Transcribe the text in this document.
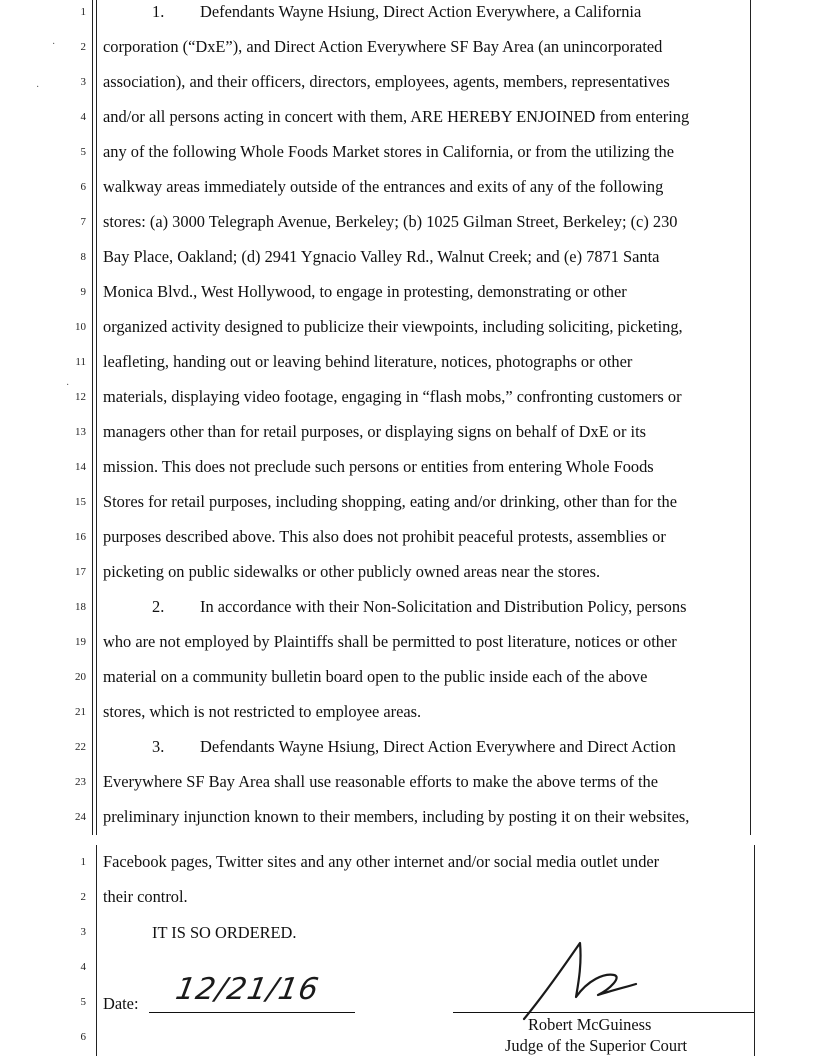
·
·
·
1
2
3
4
5
6
7
8
9
10
11
12
13
14
15
16
17
18
19
20
21
22
23
24
1. Defendants Wayne Hsiung, Direct Action Everywhere, a California
corporation (“DxE”), and Direct Action Everywhere SF Bay Area (an unincorporated
association), and their officers, directors, employees, agents, members, representatives
and/or all persons acting in concert with them, ARE HEREBY ENJOINED from entering
any of the following Whole Foods Market stores in California, or from the utilizing the
walkway areas immediately outside of the entrances and exits of any of the following
stores: (a) 3000 Telegraph Avenue, Berkeley; (b) 1025 Gilman Street, Berkeley; (c) 230
Bay Place, Oakland; (d) 2941 Ygnacio Valley Rd., Walnut Creek; and (e) 7871 Santa
Monica Blvd., West Hollywood, to engage in protesting, demonstrating or other
organized activity designed to publicize their viewpoints, including soliciting, picketing,
leafleting, handing out or leaving behind literature, notices, photographs or other
materials, displaying video footage, engaging in “flash mobs,” confronting customers or
managers other than for retail purposes, or displaying signs on behalf of DxE or its
mission. This does not preclude such persons or entities from entering Whole Foods
Stores for retail purposes, including shopping, eating and/or drinking, other than for the
purposes described above. This also does not prohibit peaceful protests, assemblies or
picketing on public sidewalks or other publicly owned areas near the stores.
2. In accordance with their Non-Solicitation and Distribution Policy, persons
who are not employed by Plaintiffs shall be permitted to post literature, notices or other
material on a community bulletin board open to the public inside each of the above
stores, which is not restricted to employee areas.
3. Defendants Wayne Hsiung, Direct Action Everywhere and Direct Action
Everywhere SF Bay Area shall use reasonable efforts to make the above terms of the
preliminary injunction known to their members, including by posting it on their websites,
1
2
3
4
5
6
Facebook pages, Twitter sites and any other internet and/or social media outlet under
their control.
IT IS SO ORDERED.
Date: 12/21/16
Robert McGuiness
Judge of the Superior Court
